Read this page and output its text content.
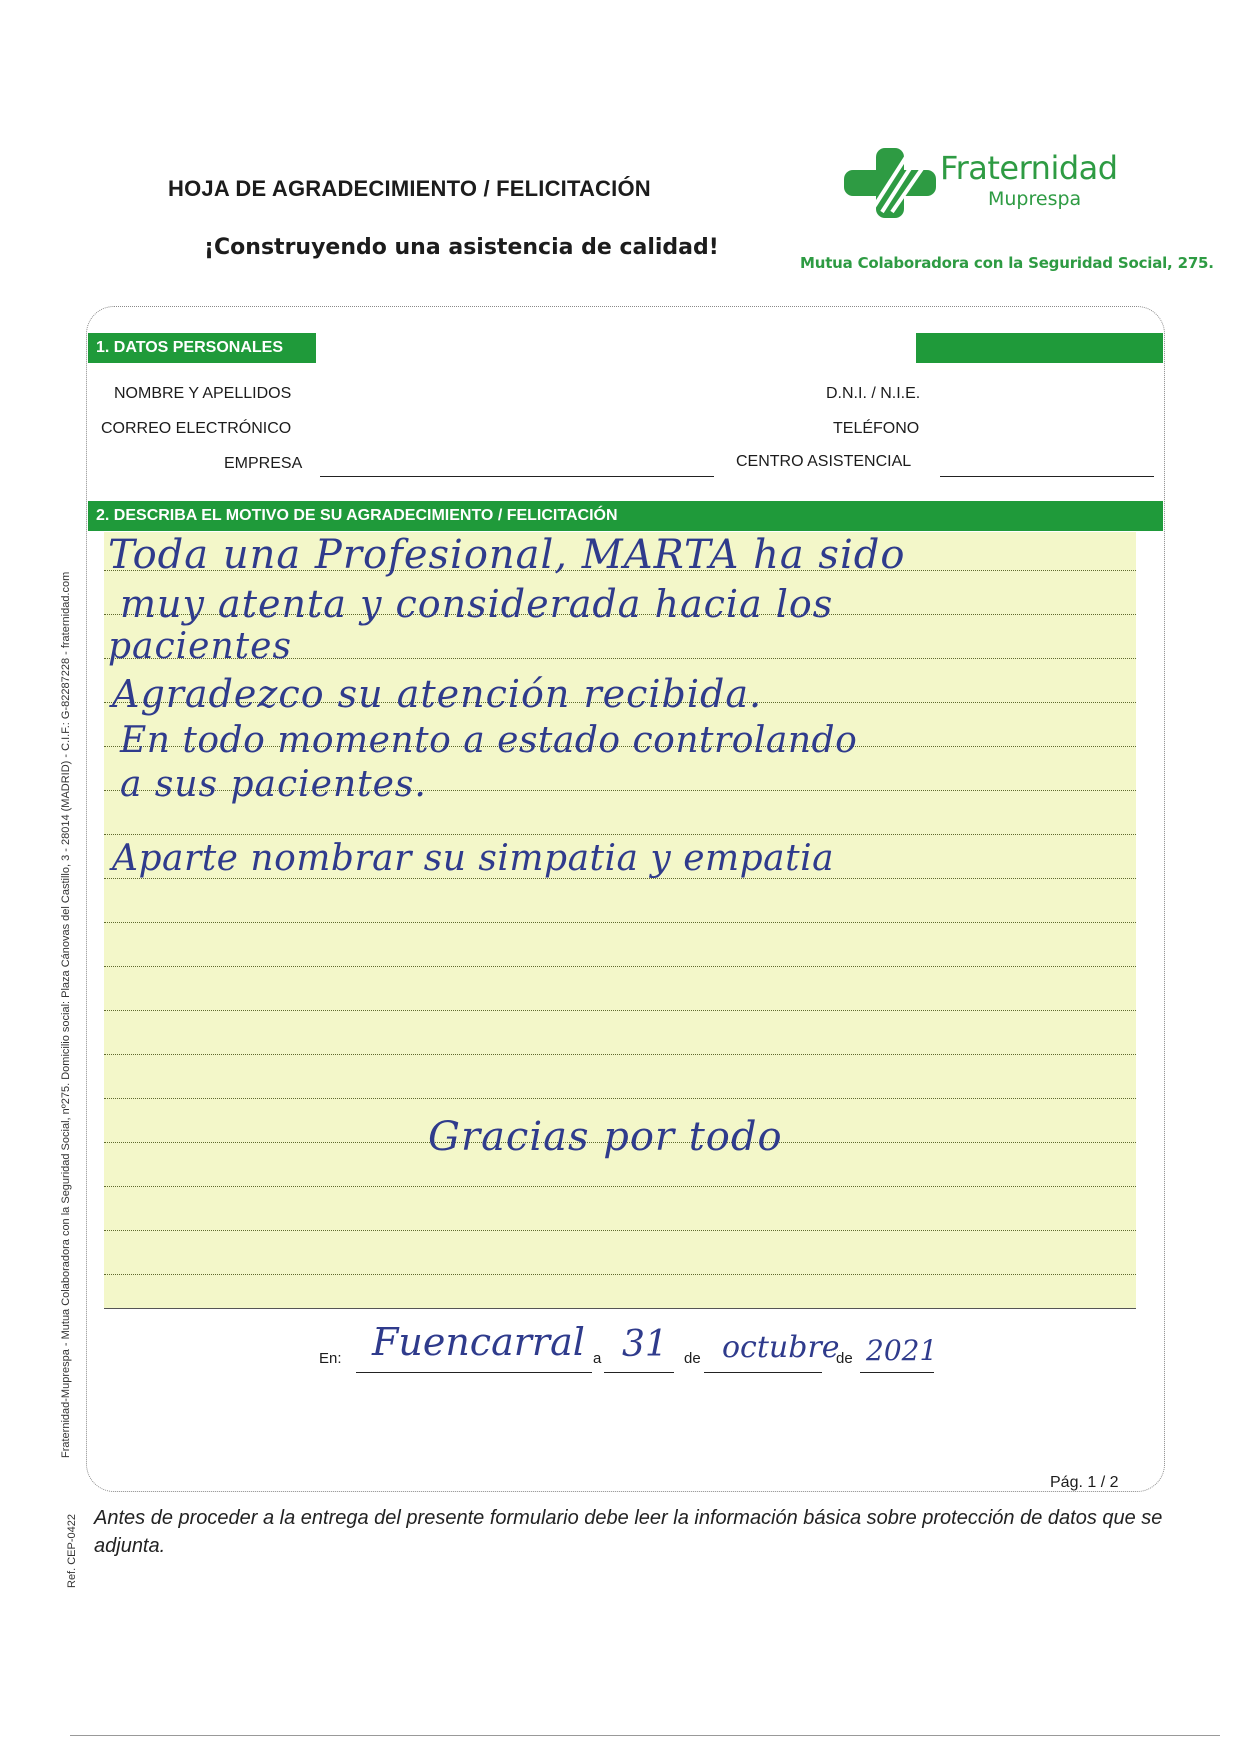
HOJA DE AGRADECIMIENTO / FELICITACIÓN
¡Construyendo una asistencia de calidad!
Fraternidad
Muprespa
Mutua Colaboradora con la Seguridad Social, 275.
Fraternidad-Muprespa - Mutua Colaboradora con la Seguridad Social, nº275. Domicilio social: Plaza Cánovas del Castillo, 3 - 28014 (MADRID) - C.I.F.: G-82287228 - fraternidad.com
Ref. CEP-0422
1. DATOS PERSONALES
NOMBRE Y APELLIDOS	D.N.I. / N.I.E.
CORREO ELECTRÓNICO	TELÉFONO
EMPRESA	CENTRO ASISTENCIAL
2. DESCRIBA EL MOTIVO DE SU AGRADECIMIENTO / FELICITACIÓN
Toda una Profesional, MARTA ha sido
muy atenta y considerada hacia los
pacientes
Agradezco su atención recibida.
En todo momento a estado controlando
a sus pacientes.
Aparte nombrar su simpatia y empatia
Gracias por todo
En: Fuencarral a 31 de octubre
de 2021
Pág. 1 / 2
Antes de proceder a la entrega del presente formulario debe leer la información básica sobre protección de datos que se adjunta.
